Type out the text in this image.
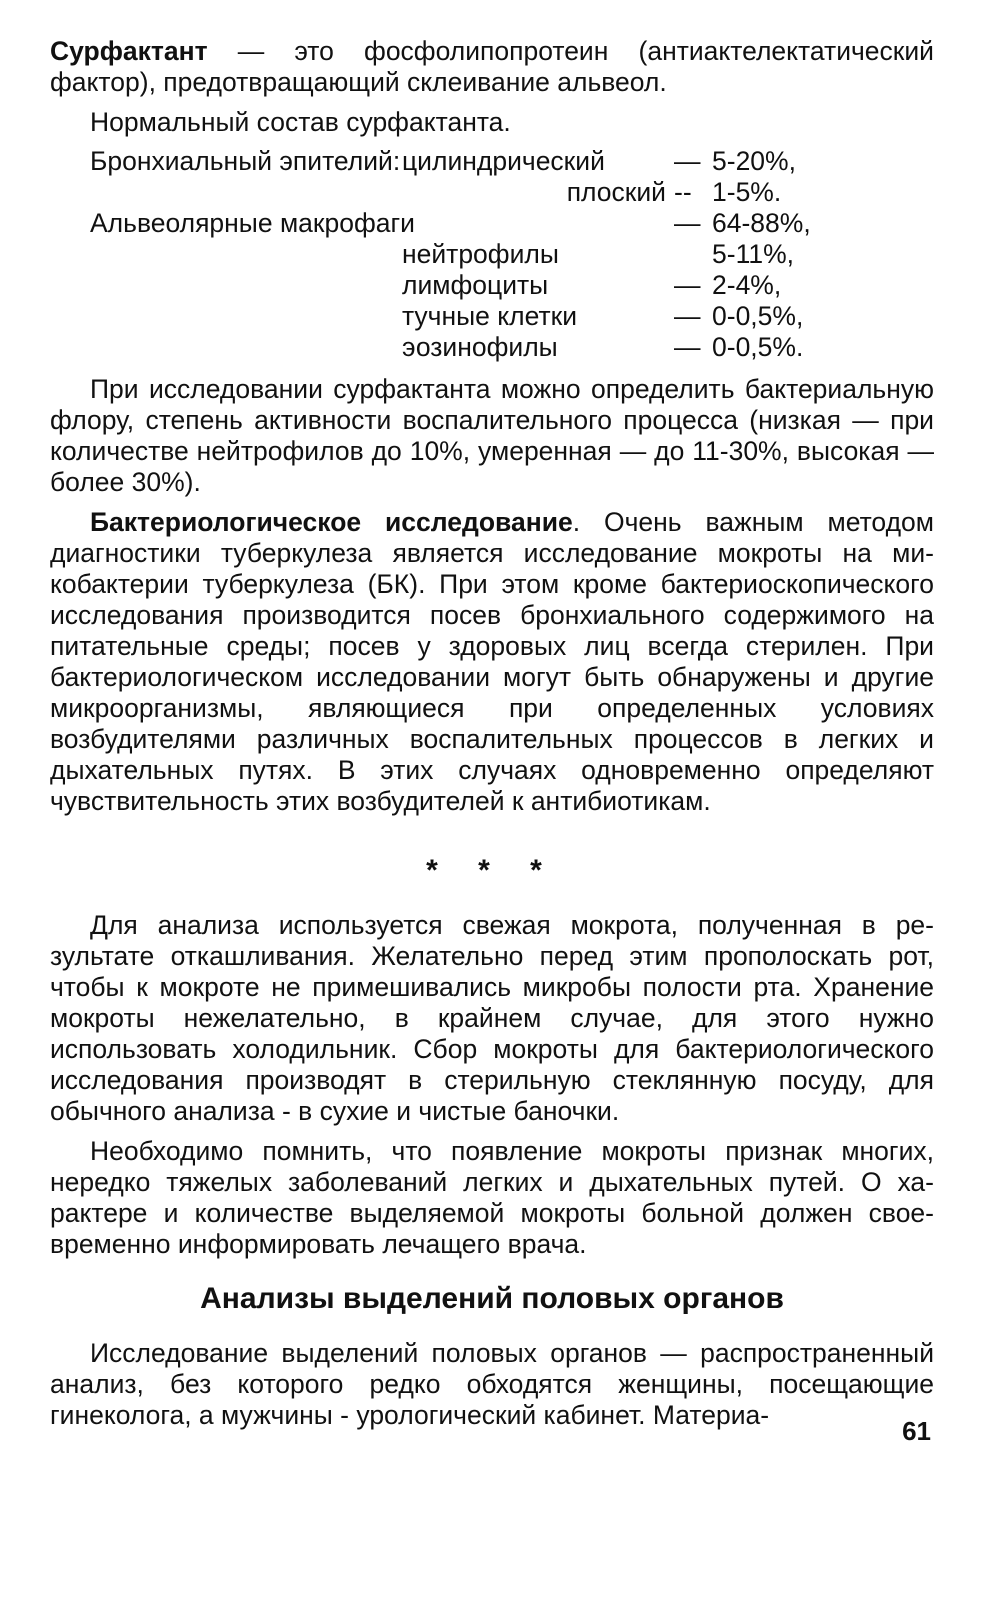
Сурфактант — это фосфолипопротеин (антиактелектатический фактор), предотвращающий склеивание альвеол.

Нормальный состав сурфактанта.

Бронхиальный эпителий: цилиндрический	— 5-20%,
плоский -- 1-5%.
Альвеолярные макрофаги	— 64-88%,
нейтрофилы	5-11%,
лимфоциты	— 2-4%,
тучные клетки	— 0-0,5%,
эозинофилы	— 0-0,5%.

При исследовании сурфактанта можно определить бактериальную флору, степень активности воспалительного процесса (низкая — при количестве нейтрофилов до 10%, умеренная — до 11-30%, высокая — более 30%).

Бактериологическое исследование. Очень важным методом диагностики туберкулеза является исследование мокроты на микобактерии туберкулеза (БК). При этом кроме бактериоскопического исследования производится посев бронхиального содержимого на питательные среды; посев у здоровых лиц всегда стерилен. При бактериологическом исследовании могут быть обнаружены и другие микроорганизмы, являющиеся при определенных условиях возбудителями различных воспалительных процессов в легких и дыхательных путях. В этих случаях одновременно определяют чувствительность этих возбудителей к антибиотикам.

* * *

Для анализа используется свежая мокрота, полученная в результате откашливания. Желательно перед этим прополоскать рот, чтобы к мокроте не примешивались микробы полости рта. Хранение мокроты нежелательно, в крайнем случае, для этого нужно использовать холодильник. Сбор мокроты для бактериологического исследования производят в стерильную стеклянную посуду, для обычного анализа - в сухие и чистые баночки.

Необходимо помнить, что появление мокроты признак многих, нередко тяжелых заболеваний легких и дыхательных путей. О характере и количестве выделяемой мокроты больной должен своевременно информировать лечащего врача.

Анализы выделений половых органов

Исследование выделений половых органов — распространенный анализ, без которого редко обходятся женщины, посещающие гинеколога, а мужчины - урологический кабинет. Материа-

61
